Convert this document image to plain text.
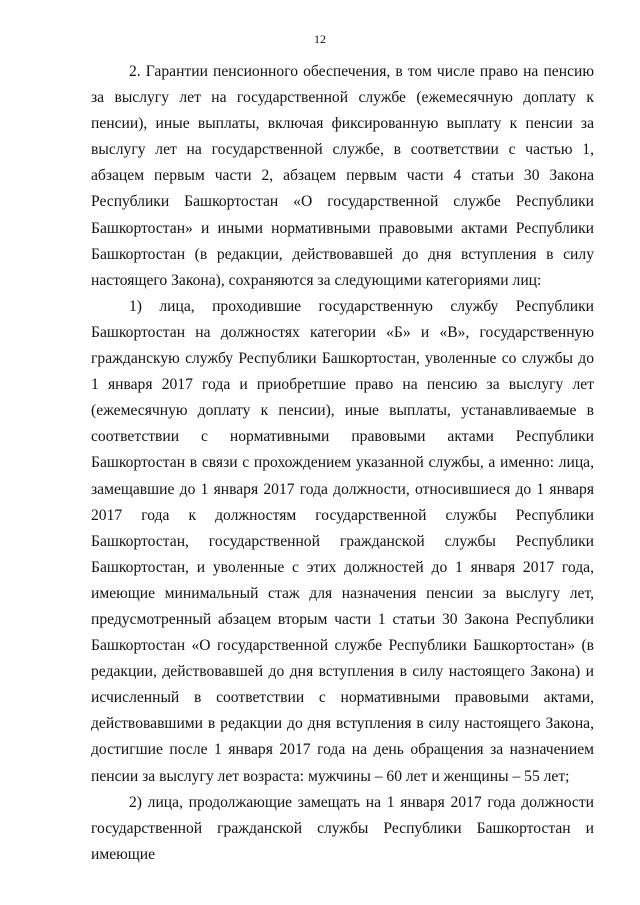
12

2. Гарантии пенсионного обеспечения, в том числе право на пенсию за выслугу лет на государственной службе (ежемесячную доплату к пенсии), иные выплаты, включая фиксированную выплату к пенсии за выслугу лет на государственной службе, в соответствии с частью 1, абзацем первым части 2, абзацем первым части 4 статьи 30 Закона Республики Башкортостан «О государственной службе Республики Башкортостан» и иными нормативными правовыми актами Республики Башкортостан (в редакции, действовавшей до дня вступления в силу настоящего Закона), сохраняются за следующими категориями лиц:

1) лица, проходившие государственную службу Республики Башкортостан на должностях категории «Б» и «В», государственную гражданскую службу Республики Башкортостан, уволенные со службы до 1 января 2017 года и приобретшие право на пенсию за выслугу лет (ежемесячную доплату к пенсии), иные выплаты, устанавливаемые в соответствии с нормативными правовыми актами Республики Башкортостан в связи с прохождением указанной службы, а именно: лица, замещавшие до 1 января 2017 года должности, относившиеся до 1 января 2017 года к должностям государственной службы Республики Башкортостан, государственной гражданской службы Республики Башкортостан, и уволенные с этих должностей до 1 января 2017 года, имеющие минимальный стаж для назначения пенсии за выслугу лет, предусмотренный абзацем вторым части 1 статьи 30 Закона Республики Башкортостан «О государственной службе Республики Башкортостан» (в редакции, действовавшей до дня вступления в силу настоящего Закона) и исчисленный в соответствии с нормативными правовыми актами, действовавшими в редакции до дня вступления в силу настоящего Закона, достигшие после 1 января 2017 года на день обращения за назначением пенсии за выслугу лет возраста: мужчины – 60 лет и женщины – 55 лет;

2) лица, продолжающие замещать на 1 января 2017 года должности государственной гражданской службы Республики Башкортостан и имеющие
